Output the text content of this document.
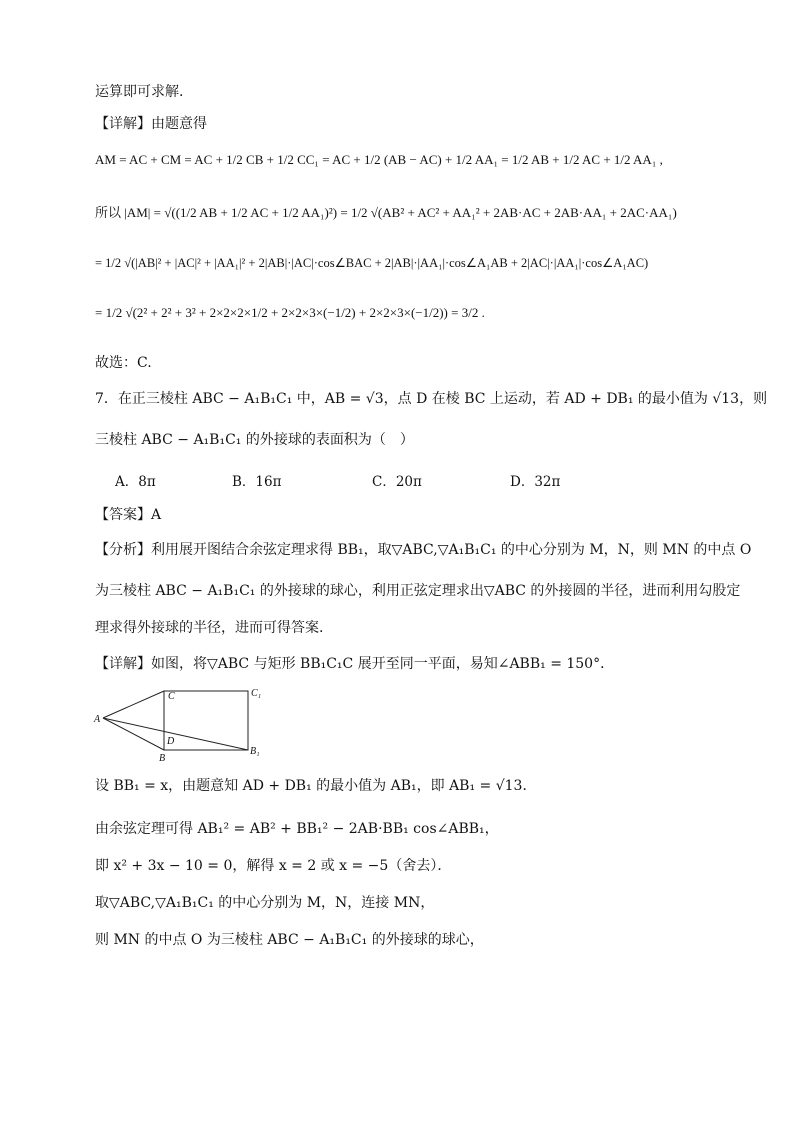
运算即可求解.
【详解】由题意得
AM = AC + CM = AC + 1/2 CB + 1/2 CC₁ = AC + 1/2 (AB − AC) + 1/2 AA₁ = 1/2 AB + 1/2 AC + 1/2 AA₁ ,
所以 |AM| = √((1/2 AB + 1/2 AC + 1/2 AA₁)²) = 1/2 √(AB² + AC² + AA₁² + 2AB·AC + 2AB·AA₁ + 2AC·AA₁)
= 1/2 √(|AB|² + |AC|² + |AA₁|² + 2|AB|·|AC|·cos∠BAC + 2|AB|·|AA₁|·cos∠A₁AB + 2|AC|·|AA₁|·cos∠A₁AC)
= 1/2 √(2² + 2² + 3² + 2×2×2×1/2 + 2×2×3×(−1/2) + 2×2×3×(−1/2)) = 3/2 .
故选：C.
7．在正三棱柱 ABC − A₁B₁C₁ 中，AB = √3，点 D 在棱 BC 上运动，若 AD + DB₁ 的最小值为 √13，则
三棱柱 ABC − A₁B₁C₁ 的外接球的表面积为（　）
A．8π	B．16π	C．20π	D．32π
【答案】A
【分析】利用展开图结合余弦定理求得 BB₁，取▽ABC,▽A₁B₁C₁ 的中心分别为 M，N，则 MN 的中点 O
为三棱柱 ABC − A₁B₁C₁ 的外接球的球心，利用正弦定理求出▽ABC 的外接圆的半径，进而利用勾股定
理求得外接球的半径，进而可得答案.
【详解】如图，将▽ABC 与矩形 BB₁C₁C 展开至同一平面，易知∠ABB₁ = 150°．
A
B
C
D
B₁
C₁
设 BB₁ = x，由题意知 AD + DB₁ 的最小值为 AB₁，即 AB₁ = √13．
由余弦定理可得 AB₁² = AB² + BB₁² − 2AB·BB₁ cos∠ABB₁，
即 x² + 3x − 10 = 0，解得 x = 2 或 x = −5（舍去）．
取▽ABC,▽A₁B₁C₁ 的中心分别为 M，N，连接 MN，
则 MN 的中点 O 为三棱柱 ABC − A₁B₁C₁ 的外接球的球心，
